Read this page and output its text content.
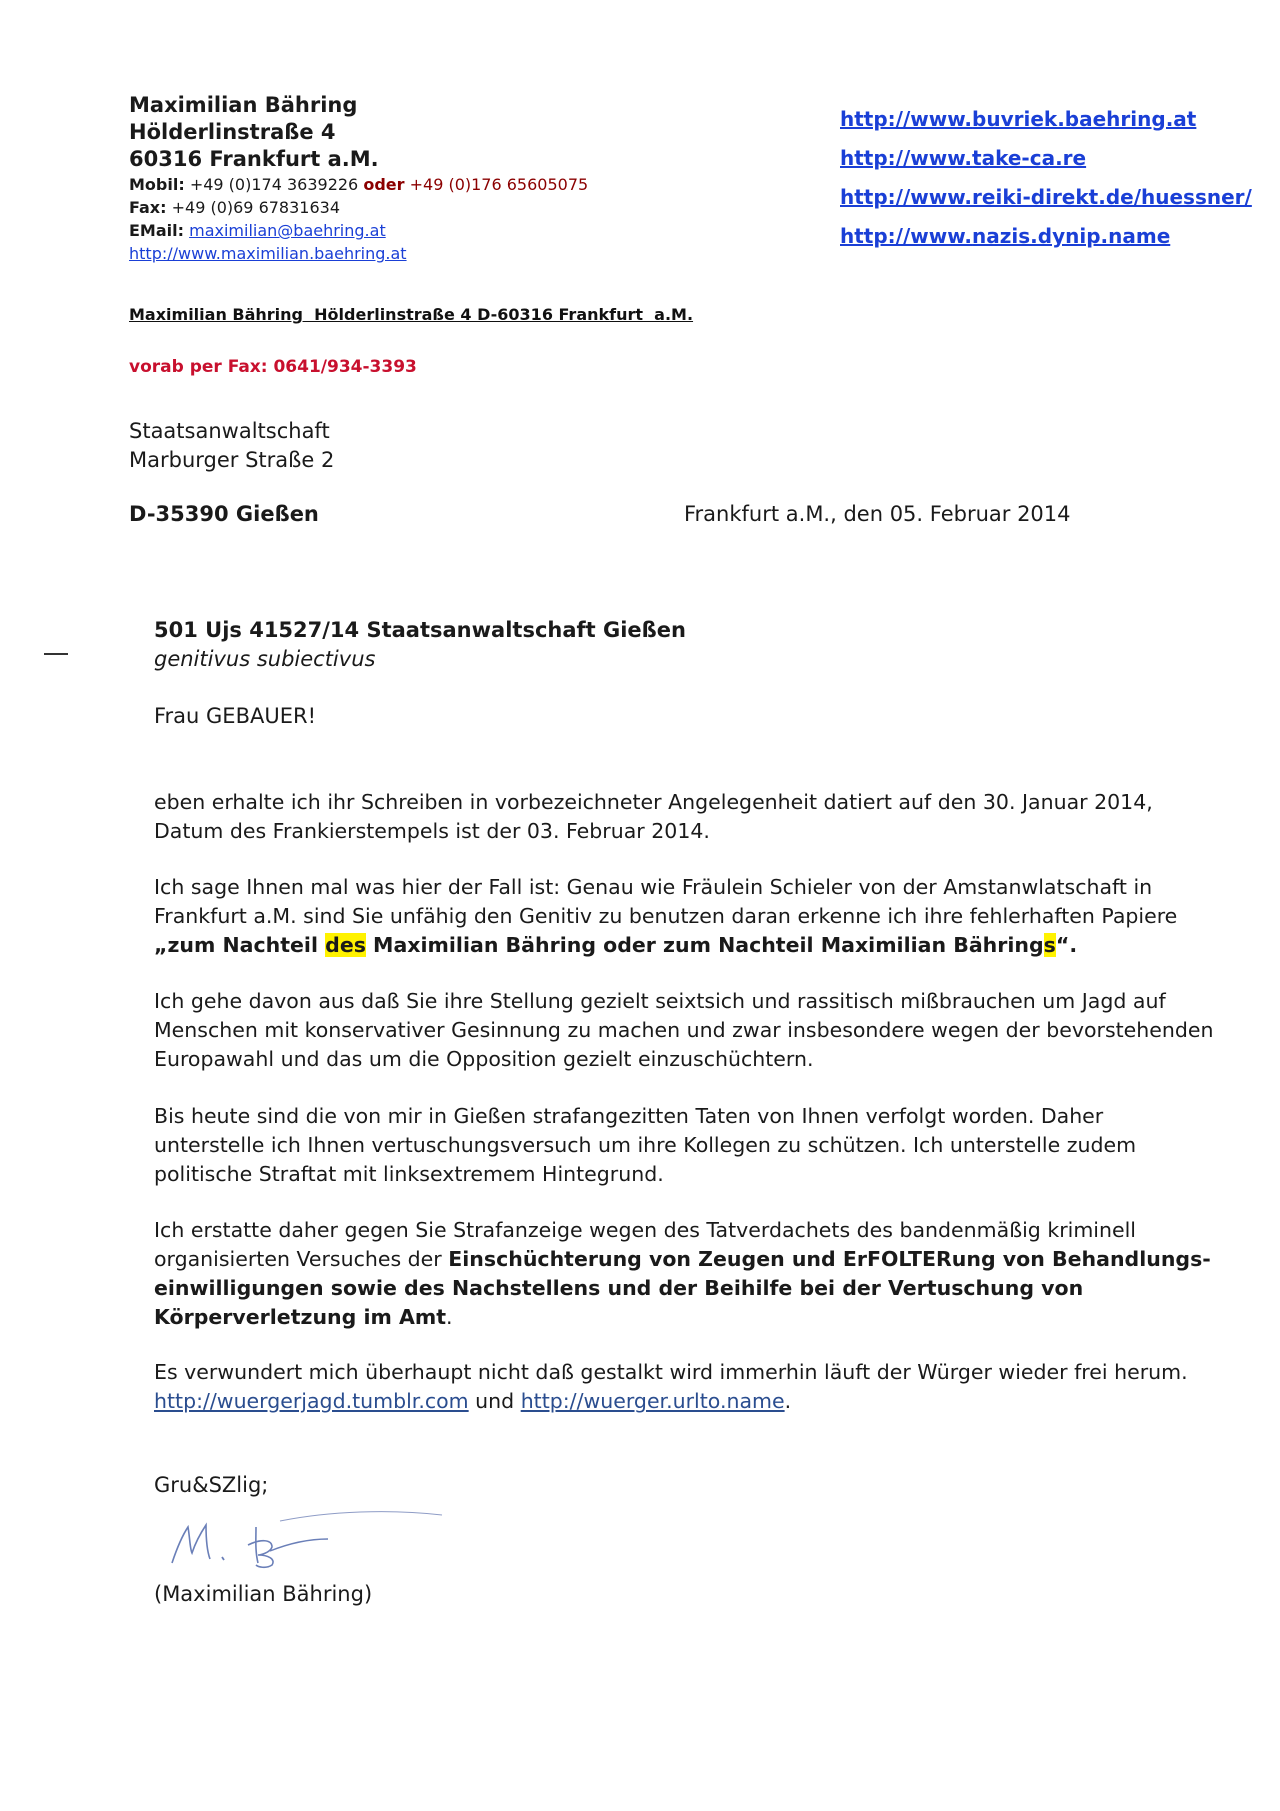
Maximilian Bähring
Hölderlinstraße 4
60316 Frankfurt a.M.
Mobil: +49 (0)174 3639226 oder +49 (0)176 65605075
Fax: +49 (0)69 67831634
EMail: maximilian@baehring.at
http://www.maximilian.baehring.at
http://www.buvriek.baehring.at
http://www.take-ca.re
http://www.reiki-direkt.de/huessner/
http://www.nazis.dynip.name
Maximilian Bähring  Hölderlinstraße 4 D-60316 Frankfurt  a.M.
vorab per Fax: 0641/934-3393
Staatsanwaltschaft
Marburger Straße 2
D-35390 Gießen	Frankfurt a.M., den 05. Februar 2014
501 Ujs 41527/14 Staatsanwaltschaft Gießen
genitivus subiectivus
Frau GEBAUER!
eben erhalte ich ihr Schreiben in vorbezeichneter Angelegenheit datiert auf den 30. Januar 2014, Datum des Frankierstempels ist der 03. Februar 2014.
Ich sage Ihnen mal was hier der Fall ist: Genau wie Fräulein Schieler von der Amstanwlatschaft in Frankfurt a.M. sind Sie unfähig den Genitiv zu benutzen daran erkenne ich ihre fehlerhaften Papiere
„zum Nachteil des Maximilian Bähring oder zum Nachteil Maximilian Bährings“.
Ich gehe davon aus daß Sie ihre Stellung gezielt seixtsich und rassitisch mißbrauchen um Jagd auf Menschen mit konservativer Gesinnung zu machen und zwar insbesondere wegen der bevorstehenden Europawahl und das um die Opposition gezielt einzuschüchtern.
Bis heute sind die von mir in Gießen strafangezitten Taten von Ihnen verfolgt worden. Daher unterstelle ich Ihnen vertuschungsversuch um ihre Kollegen zu schützen. Ich unterstelle zudem politische Straftat mit linksextremem Hintegrund.
Ich erstatte daher gegen Sie Strafanzeige wegen des Tatverdachets des bandenmäßig kriminell organisierten Versuches der Einschüchterung von Zeugen und ErFOLTERung von Behandlungs-einwilligungen sowie des Nachstellens und der Beihilfe bei der Vertuschung von Körperverletzung im Amt.
Es verwundert mich überhaupt nicht daß gestalkt wird immerhin läuft der Würger wieder frei herum.
http://wuergerjagd.tumblr.com und http://wuerger.urlto.name.
Gru&SZlig;
(Maximilian Bähring)
